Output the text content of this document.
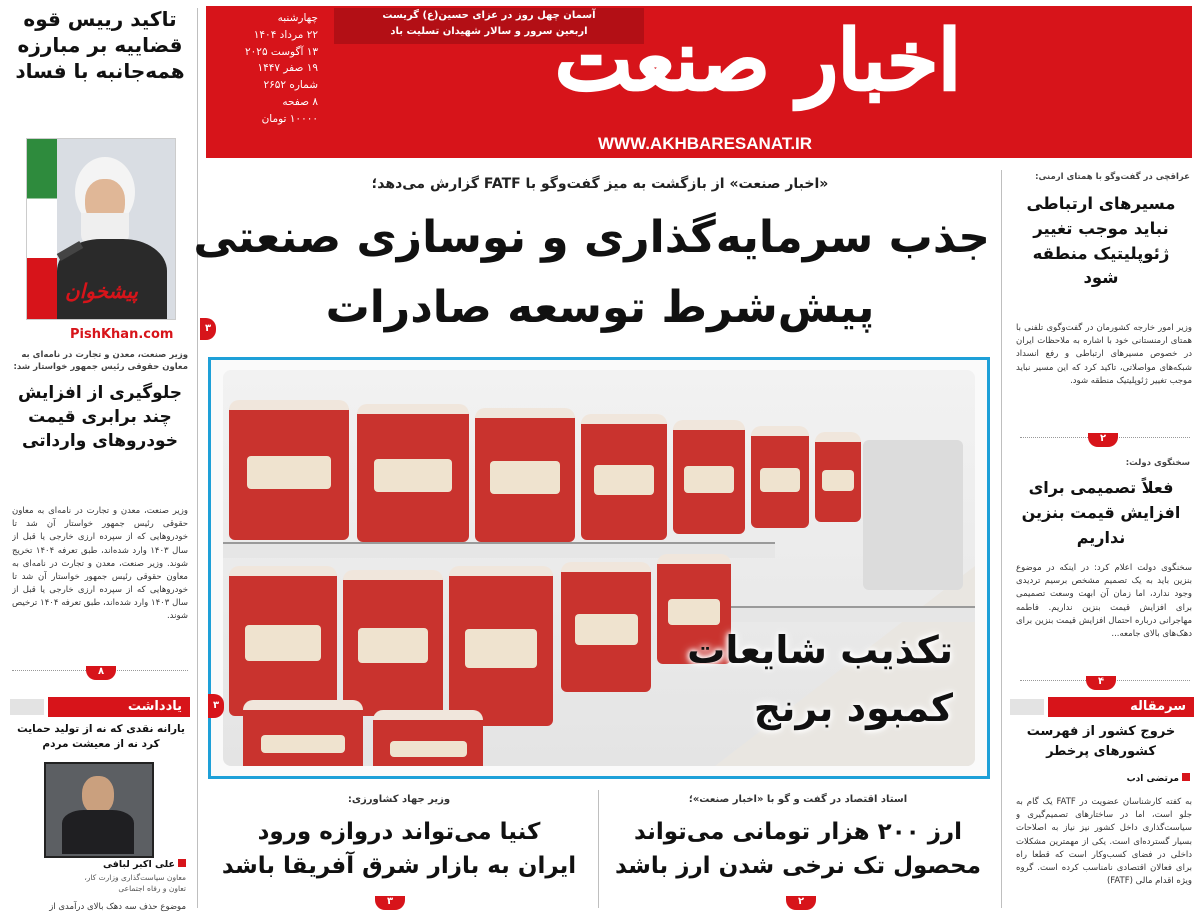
تاکید رییس قوه قضاییه بر مبارزه همه‌جانبه با فساد
پیشخوان
PishKhan.com
وزیر صنعت، معدن و تجارت در نامه‌ای به معاون حقوقی رئیس جمهور خواستار شد:
جلوگیری از افزایش چند برابری قیمت خودروهای وارداتی
وزیر صنعت، معدن و تجارت در نامه‌ای به معاون حقوقی رئیس جمهور خواستار آن شد تا خودروهایی که از سپرده ارزی خارجی یا قبل از سال ۱۴۰۳ وارد شده‌اند، طبق تعرفه ۱۴۰۴ تخریج شوند. وزیر صنعت، معدن و تجارت در نامه‌ای به معاون حقوقی رئیس جمهور خواستار آن شد تا خودروهایی که از سپرده ارزی خارجی یا قبل از سال ۱۴۰۳ وارد شده‌اند، طبق تعرفه ۱۴۰۴ ترخیص شوند.
۸
یادداشت
یارانه نقدی که نه از تولید حمایت کرد نه از معیشت مردم
علی اکبر لبافی
معاون سیاست‌گذاری وزارت کار، تعاون و رفاه اجتماعی
موضوع حذف سه دهک بالای درآمدی از
چهارشنبه
۲۲ مرداد ۱۴۰۴
۱۳ آگوست ۲۰۲۵
۱۹ صفر ۱۴۴۷
شماره ۲۶۵۲
۸ صفحه
۱۰۰۰۰ تومان
آسمان چهل روز در عزای حسین(ع) گریست
اربعین سرور و سالار شهیدان تسلیت باد
اخبار صنعت
WWW.AKHBARESANAT.IR
«اخبار صنعت» از بازگشت به میز گفت‌وگو با FATF گزارش می‌دهد؛
جذب سرمایه‌گذاری و نوسازی صنعتی
پیش‌شرط توسعه صادرات
۳
تکذیب شایعات
کمبود برنج
۳
استاد اقتصاد در گفت و گو با «اخبار صنعت»؛
ارز ۲۰۰ هزار تومانی می‌تواند
محصول تک نرخی شدن ارز باشد
۲
وزیر جهاد کشاورزی:
کنیا می‌تواند دروازه ورود
ایران به بازار شرق آفریقا باشد
۳
عراقچی در گفت‌وگو با همتای ارمنی:
مسیرهای ارتباطی نباید موجب تغییر ژئوپلیتیک منطقه شود
وزیر امور خارجه کشورمان در گفت‌وگوی تلفنی با همتای ارمنستانی خود با اشاره به ملاحظات ایران در خصوص مسیرهای ارتباطی و رفع انسداد شبکه‌های مواصلاتی، تاکید کرد که این مسیر نباید موجب تغییر ژئوپلیتیک منطقه شود.
۲
سخنگوی دولت:
فعلاً تصمیمی برای افزایش قیمت بنزین نداریم
سخنگوی دولت اعلام کرد: در اینکه در موضوع بنزین باید به یک تصمیم مشخص برسیم تردیدی وجود ندارد، اما زمان آن ابهت وسعت تصمیمی برای افزایش قیمت بنزین نداریم. فاطمه مهاجرانی درباره احتمال افزایش قیمت بنزین برای دهک‌های بالای جامعه...
۴
سرمقاله
خروج کشور از فهرست کشورهای پرخطر
مرتضی ادب
به کفته کارشناسان عضویت در FATF یک گام به جلو است، اما در ساختارهای تصمیم‌گیری و سیاست‌گذاری داخل کشور نیز نیاز به اصلاحات بسیار گسترده‌ای است. یکی از مهمترین مشکلات داخلی در فضای کسب‌وکار است که قطعا راه برای فعالان اقتصادی نامناسب کرده است. گروه ویژه اقدام مالی (FATF)
